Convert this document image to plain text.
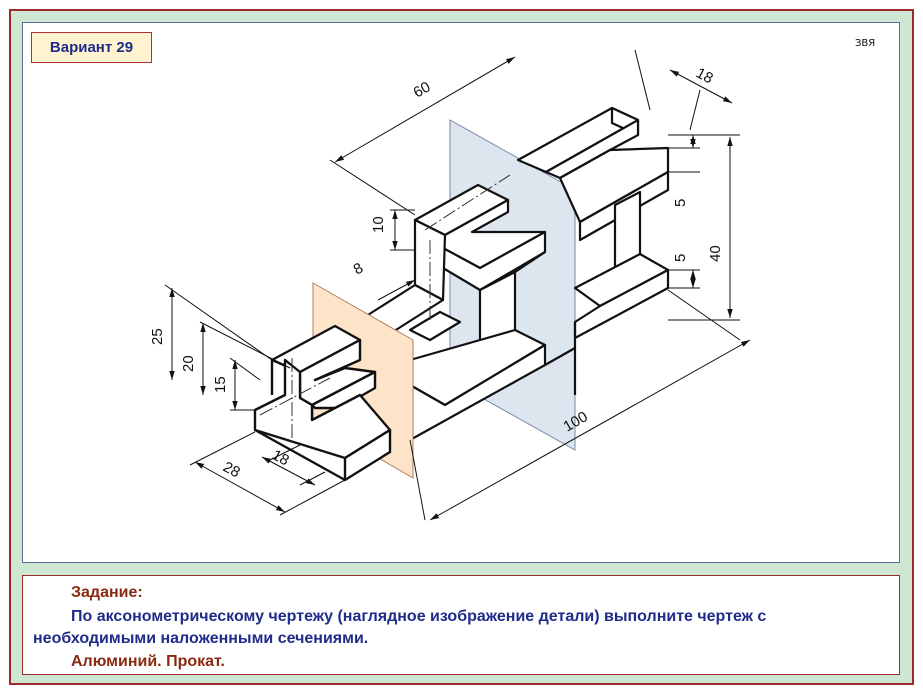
60
18
10
8
40
5
5
25
20
15
28
18
100
Вариант 29	ЗВЯ
Задание:
По аксонометрическому чертежу (наглядное изображение детали) выполните чертеж с
необходимыми наложенными сечениями.
Алюминий. Прокат.
